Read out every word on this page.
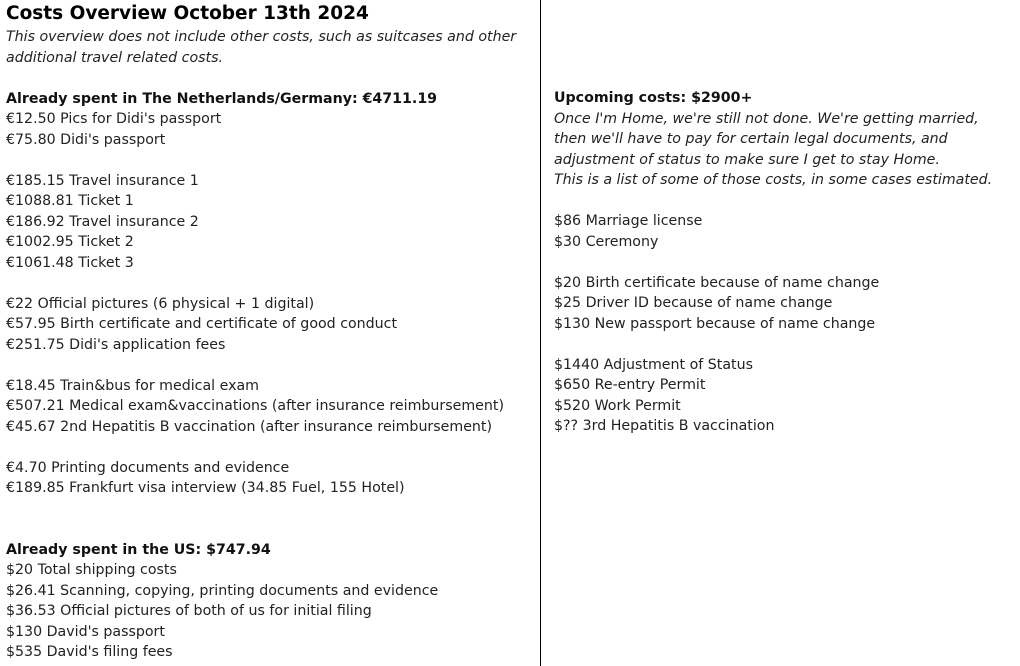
Costs Overview October 13th 2024
This overview does not include other costs, such as suitcases and other
additional travel related costs.
Already spent in The Netherlands/Germany: €4711.19
€12.50 Pics for Didi's passport
€75.80 Didi's passport
€185.15 Travel insurance 1
€1088.81 Ticket 1
€186.92 Travel insurance 2
€1002.95 Ticket 2
€1061.48 Ticket 3
€22 Official pictures (6 physical + 1 digital)
€57.95 Birth certificate and certificate of good conduct
€251.75 Didi's application fees
€18.45 Train&bus for medical exam
€507.21 Medical exam&vaccinations (after insurance reimbursement)
€45.67 2nd Hepatitis B vaccination (after insurance reimbursement)
€4.70 Printing documents and evidence
€189.85 Frankfurt visa interview (34.85 Fuel, 155 Hotel)
Already spent in the US: $747.94
$20 Total shipping costs
$26.41 Scanning, copying, printing documents and evidence
$36.53 Official pictures of both of us for initial filing
$130 David's passport
$535 David's filing fees
Upcoming costs: $2900+
Once I'm Home, we're still not done. We're getting married,
then we'll have to pay for certain legal documents, and
adjustment of status to make sure I get to stay Home.
This is a list of some of those costs, in some cases estimated.
$86 Marriage license
$30 Ceremony
$20 Birth certificate because of name change
$25 Driver ID because of name change
$130 New passport because of name change
$1440 Adjustment of Status
$650 Re-entry Permit
$520 Work Permit
$?? 3rd Hepatitis B vaccination
